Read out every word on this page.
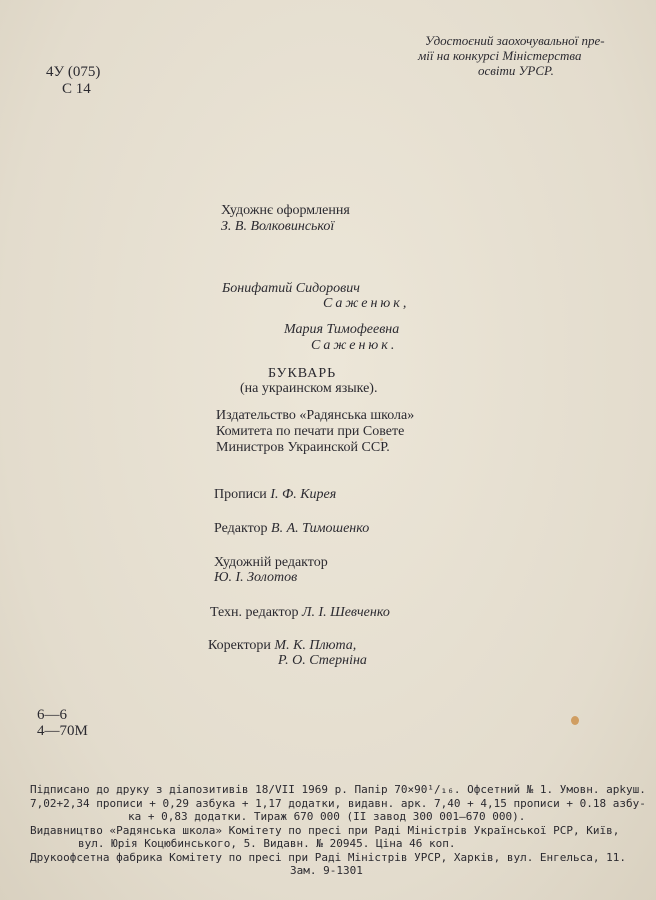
Удостоєний заохочувальної пре-
мії на конкурсі Міністерства
освіти УРСР.
4У (075)
С 14
Художнє оформлення
З. В. Волковинської
Бонифатий Сидорович
Саженюк,
Мария Тимофеевна
Саженюк.
БУКВАРЬ
(на украинском языке).
Издательство «Радянська школа»
Комитета по печати при Совете
Министров Украинской ССР.
Прописи І. Ф. Кирея
Редактор В. А. Тимошенко
Художній редактор
Ю. І. Золотов
Техн. редактор Л. І. Шевченко
Коректори М. К. Плюта,
Р. О. Стерніна
6—6
4—70М
Підписано до друку з діапозитивів 18/VII 1969 р. Папір 70×90¹/₁₆. Офсетний № 1. Умовн. арkуш.
7,02+2,34 прописи + 0,29 азбука + 1,17 додатки, видавн. арк. 7,40 + 4,15 прописи + 0.18 азбу-
ка + 0,83 додатки. Тираж 670 000 (ІІ завод 300 001—670 000).
Видавництво «Радянська школа» Комітету по пресі при Раді Міністрів Української РСР, Київ,
вул. Юрія Коцюбинського, 5. Видавн. № 20945. Ціна 46 коп.
Друкоофсетна фабрика Комітету по пресі при Раді Міністрів УРСР, Харків, вул. Енгельса, 11.
Зам. 9-1301
